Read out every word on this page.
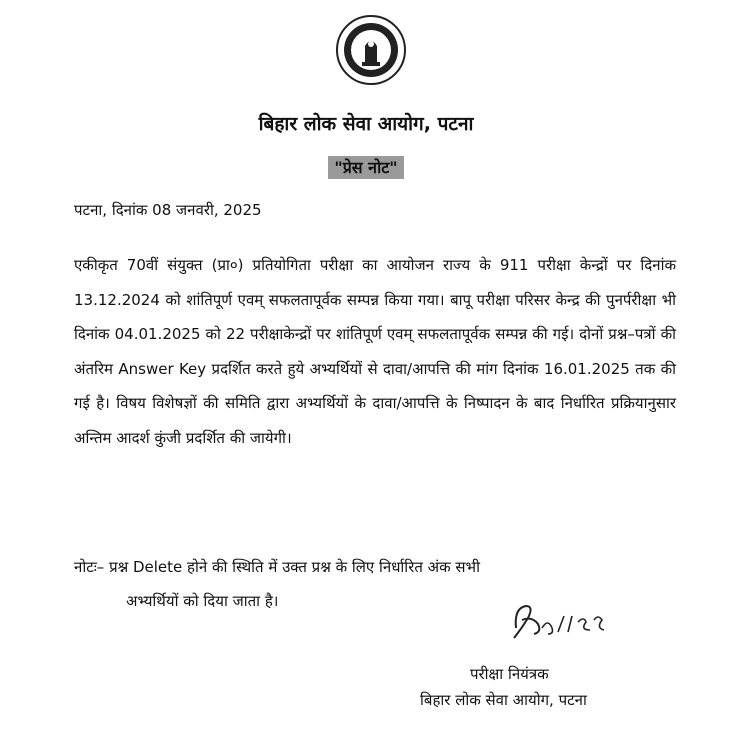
बिहार लोक सेवा आयोग, पटना
"प्रेस नोट"
पटना, दिनांक 08 जनवरी, 2025
एकीकृत 70वीं संयुक्त (प्रा०) प्रतियोगिता परीक्षा का आयोजन राज्य के 911 परीक्षा केन्द्रों पर दिनांक 13.12.2024 को शांतिपूर्ण एवम् सफलतापूर्वक सम्पन्न किया गया। बापू परीक्षा परिसर केन्द्र की पुनर्परीक्षा भी दिनांक 04.01.2025 को 22 परीक्षाकेन्द्रों पर शांतिपूर्ण एवम् सफलतापूर्वक सम्पन्न की गई। दोनों प्रश्न–पत्रों की अंतरिम Answer Key प्रदर्शित करते हुये अभ्यर्थियों से दावा/आपत्ति की मांग दिनांक 16.01.2025 तक की गई है। विषय विशेषज्ञों की समिति द्वारा अभ्यर्थियों के दावा/आपत्ति के निष्पादन के बाद निर्धारित प्रक्रियानुसार अन्तिम आदर्श कुंजी प्रदर्शित की जायेगी।
नोटः– प्रश्न Delete होने की स्थिति में उक्त प्रश्न के लिए निर्धारित अंक सभी
अभ्यर्थियों को दिया जाता है।
परीक्षा नियंत्रक
बिहार लोक सेवा आयोग, पटना
